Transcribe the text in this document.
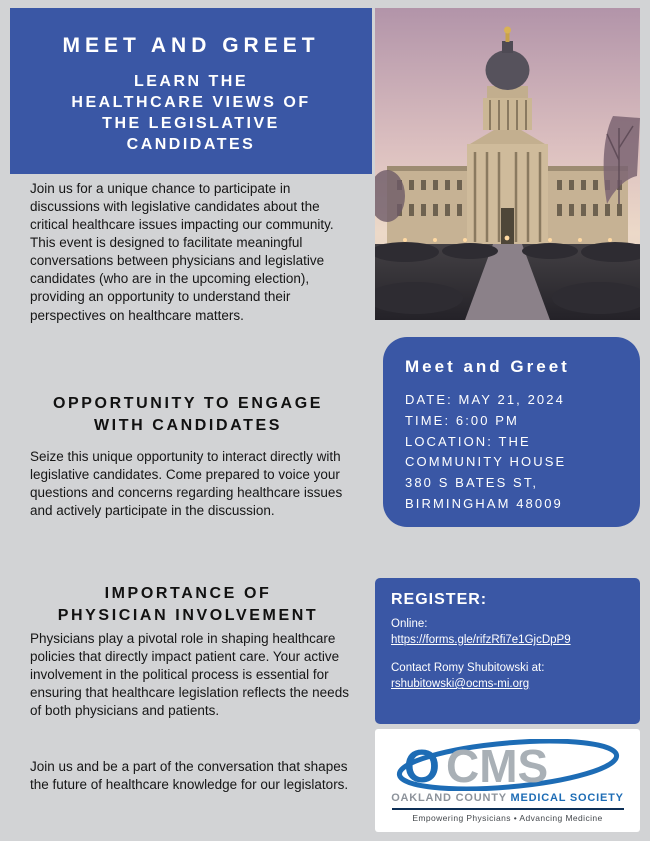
MEET AND GREET
LEARN THE
HEALTHCARE VIEWS OF
THE LEGISLATIVE
CANDIDATES
Join us for a unique chance to participate in discussions with legislative candidates about the critical healthcare issues impacting our community. This event is designed to facilitate meaningful conversations between physicians and legislative candidates (who are in the upcoming election), providing an opportunity to understand their perspectives on healthcare matters.
OPPORTUNITY TO ENGAGE
WITH CANDIDATES
Seize this unique opportunity to interact directly with legislative candidates. Come prepared to voice your questions and concerns regarding healthcare issues and actively participate in the discussion.
Meet and Greet
DATE: MAY 21, 2024
TIME: 6:00 PM
LOCATION: THE
COMMUNITY HOUSE
380 S BATES ST,
BIRMINGHAM 48009
IMPORTANCE OF
PHYSICIAN INVOLVEMENT
Physicians play a pivotal role in shaping healthcare policies that directly impact patient care. Your active involvement in the political process is essential for ensuring that healthcare legislation reflects the needs of both physicians and patients.
Join us and be a part of the conversation that shapes the future of healthcare knowledge for our legislators.
REGISTER:
Online:
https://forms.gle/rifzRfi7e1GjcDpP9
Contact Romy Shubitowski at:
rshubitowski@ocms-mi.org
O CMS
OAKLAND COUNTY MEDICAL SOCIETY
Empowering Physicians • Advancing Medicine
